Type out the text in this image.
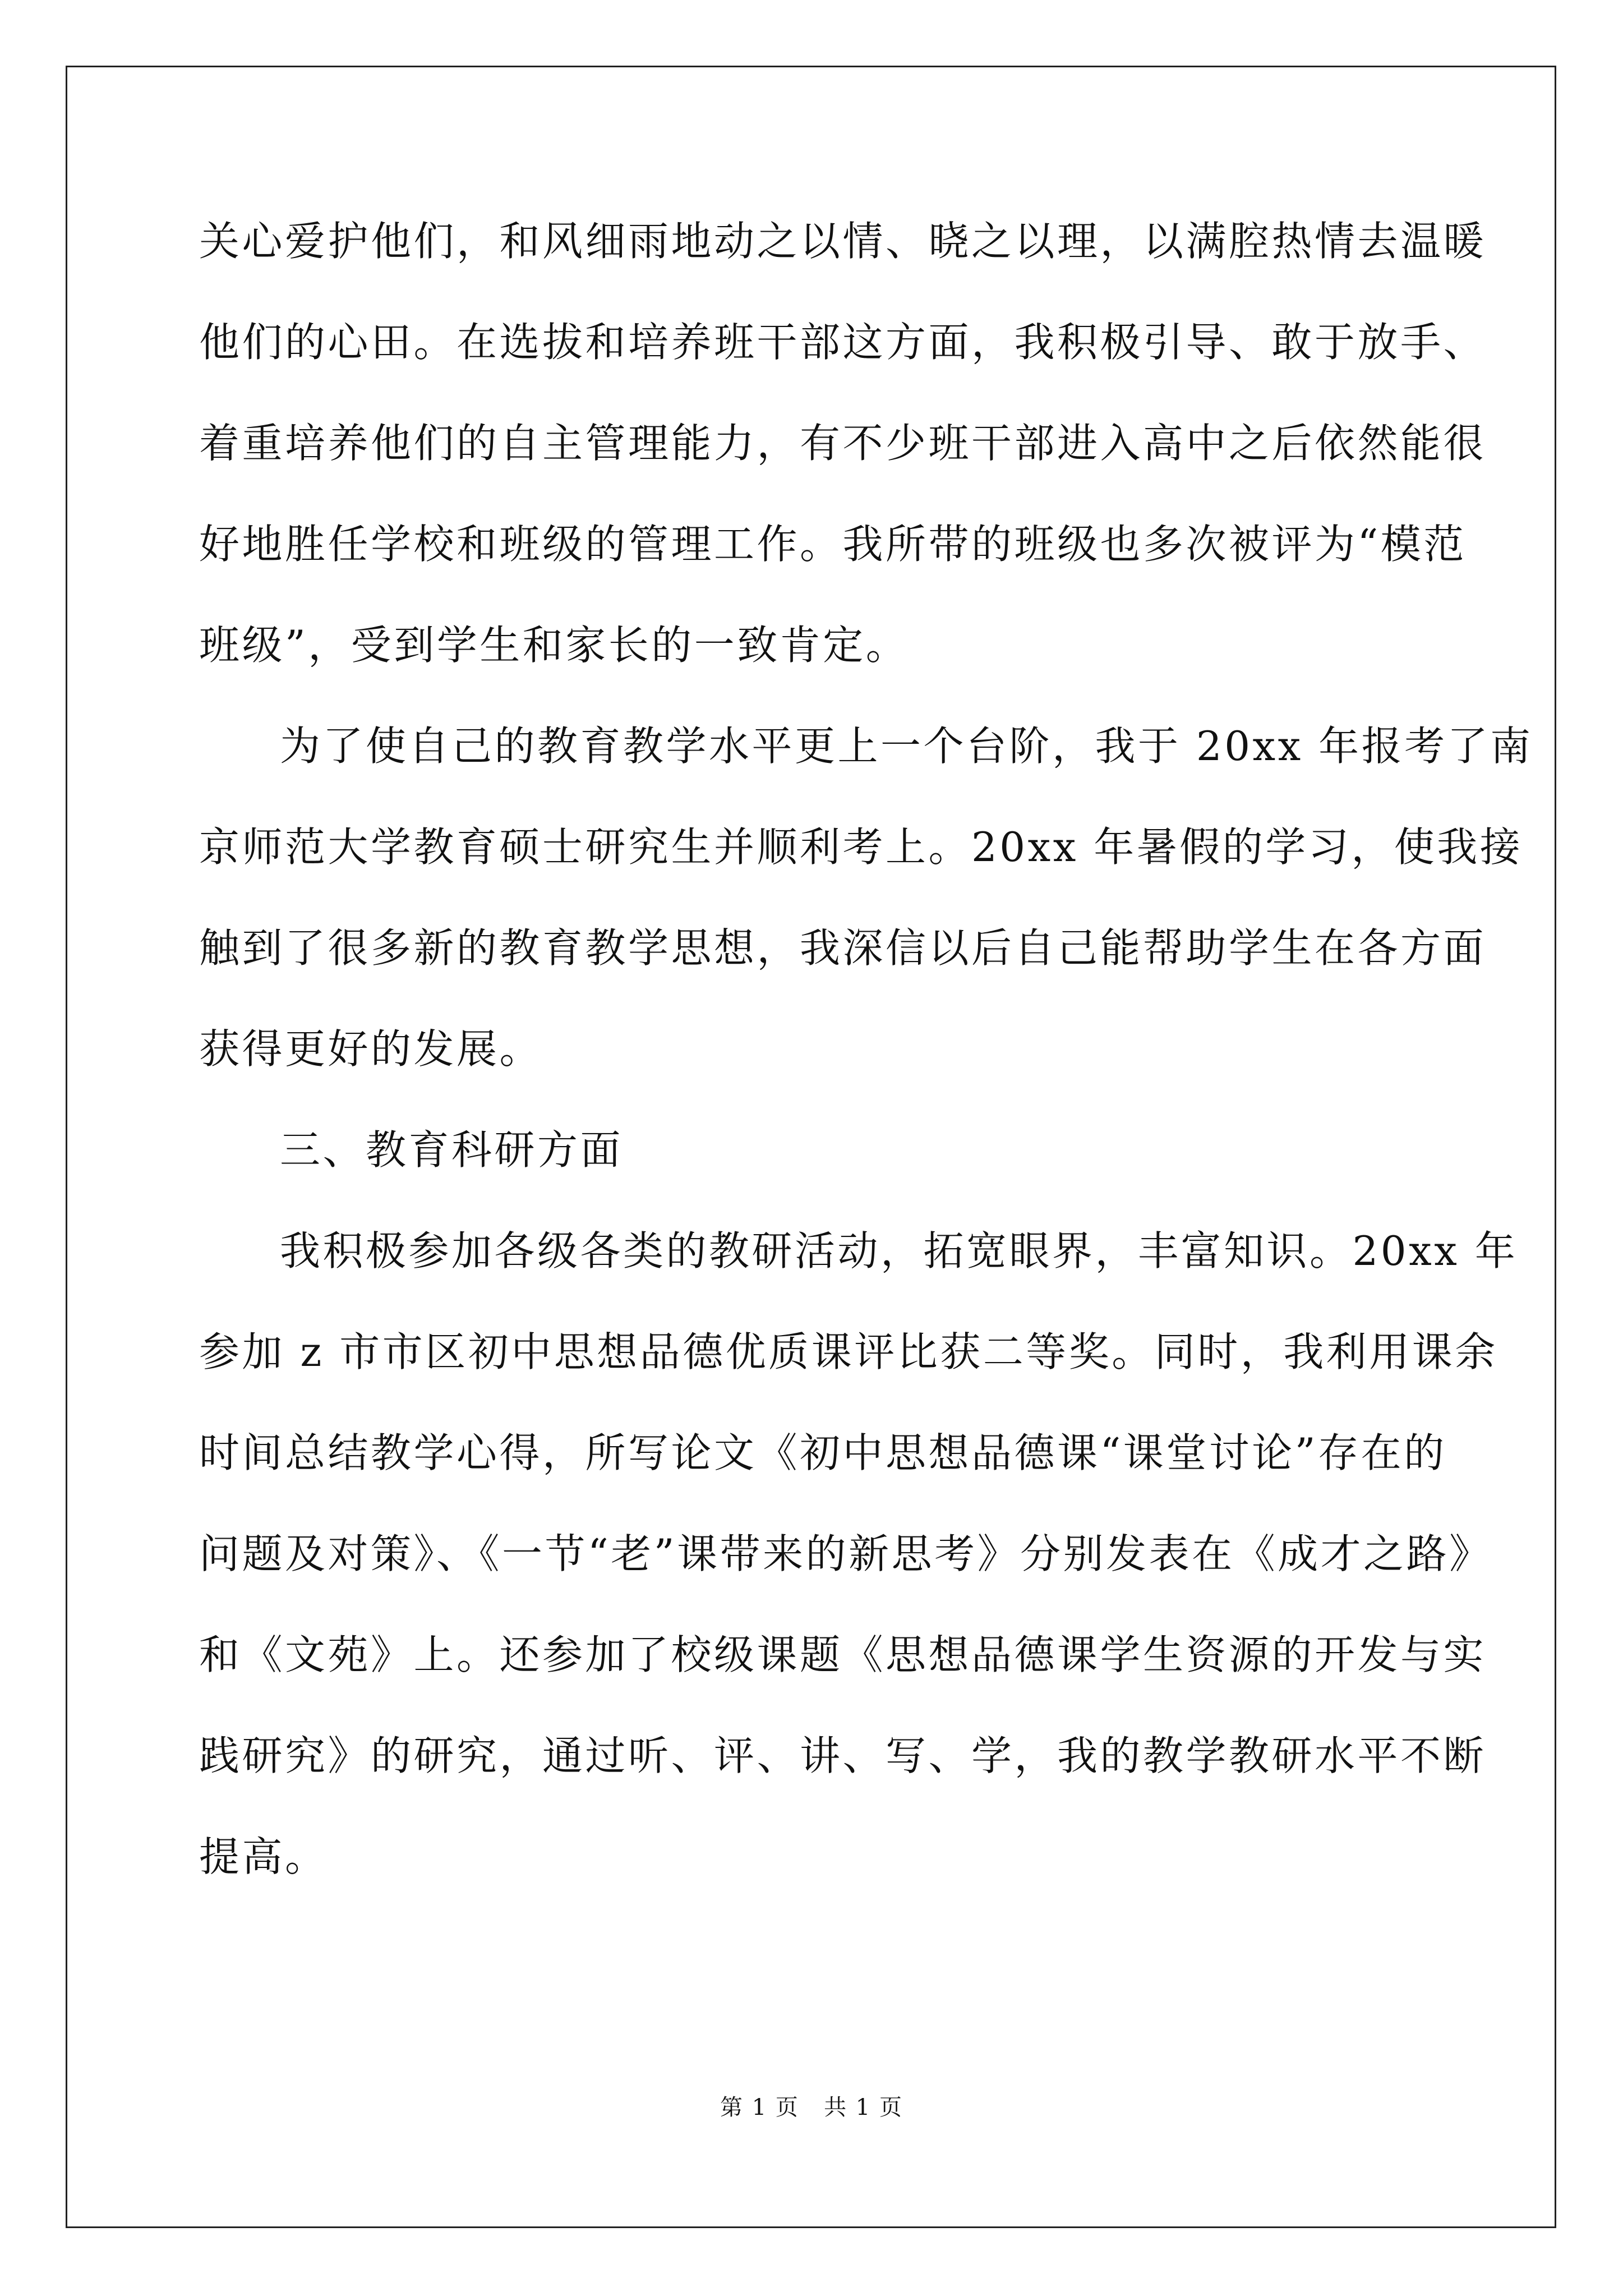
关心爱护他们，和风细雨地动之以情、晓之以理，以满腔热情去温暖

他们的心田。在选拔和培养班干部这方面，我积极引导、敢于放手、

着重培养他们的自主管理能力，有不少班干部进入高中之后依然能很

好地胜任学校和班级的管理工作。我所带的班级也多次被评为“模范

班级”，受到学生和家长的一致肯定。

为了使自己的教育教学水平更上一个台阶，我于 20xx 年报考了南

京师范大学教育硕士研究生并顺利考上。20xx 年暑假的学习，使我接

触到了很多新的教育教学思想，我深信以后自己能帮助学生在各方面

获得更好的发展。

三、教育科研方面

我积极参加各级各类的教研活动，拓宽眼界，丰富知识。20xx 年

参加 z 市市区初中思想品德优质课评比获二等奖。同时，我利用课余

时间总结教学心得，所写论文《初中思想品德课“课堂讨论”存在的

问题及对策》、《一节“老”课带来的新思考》分别发表在《成才之路》

和《文苑》上。还参加了校级课题《思想品德课学生资源的开发与实

践研究》的研究，通过听、评、讲、写、学，我的教学教研水平不断

提高。

第 1 页   共 1 页
